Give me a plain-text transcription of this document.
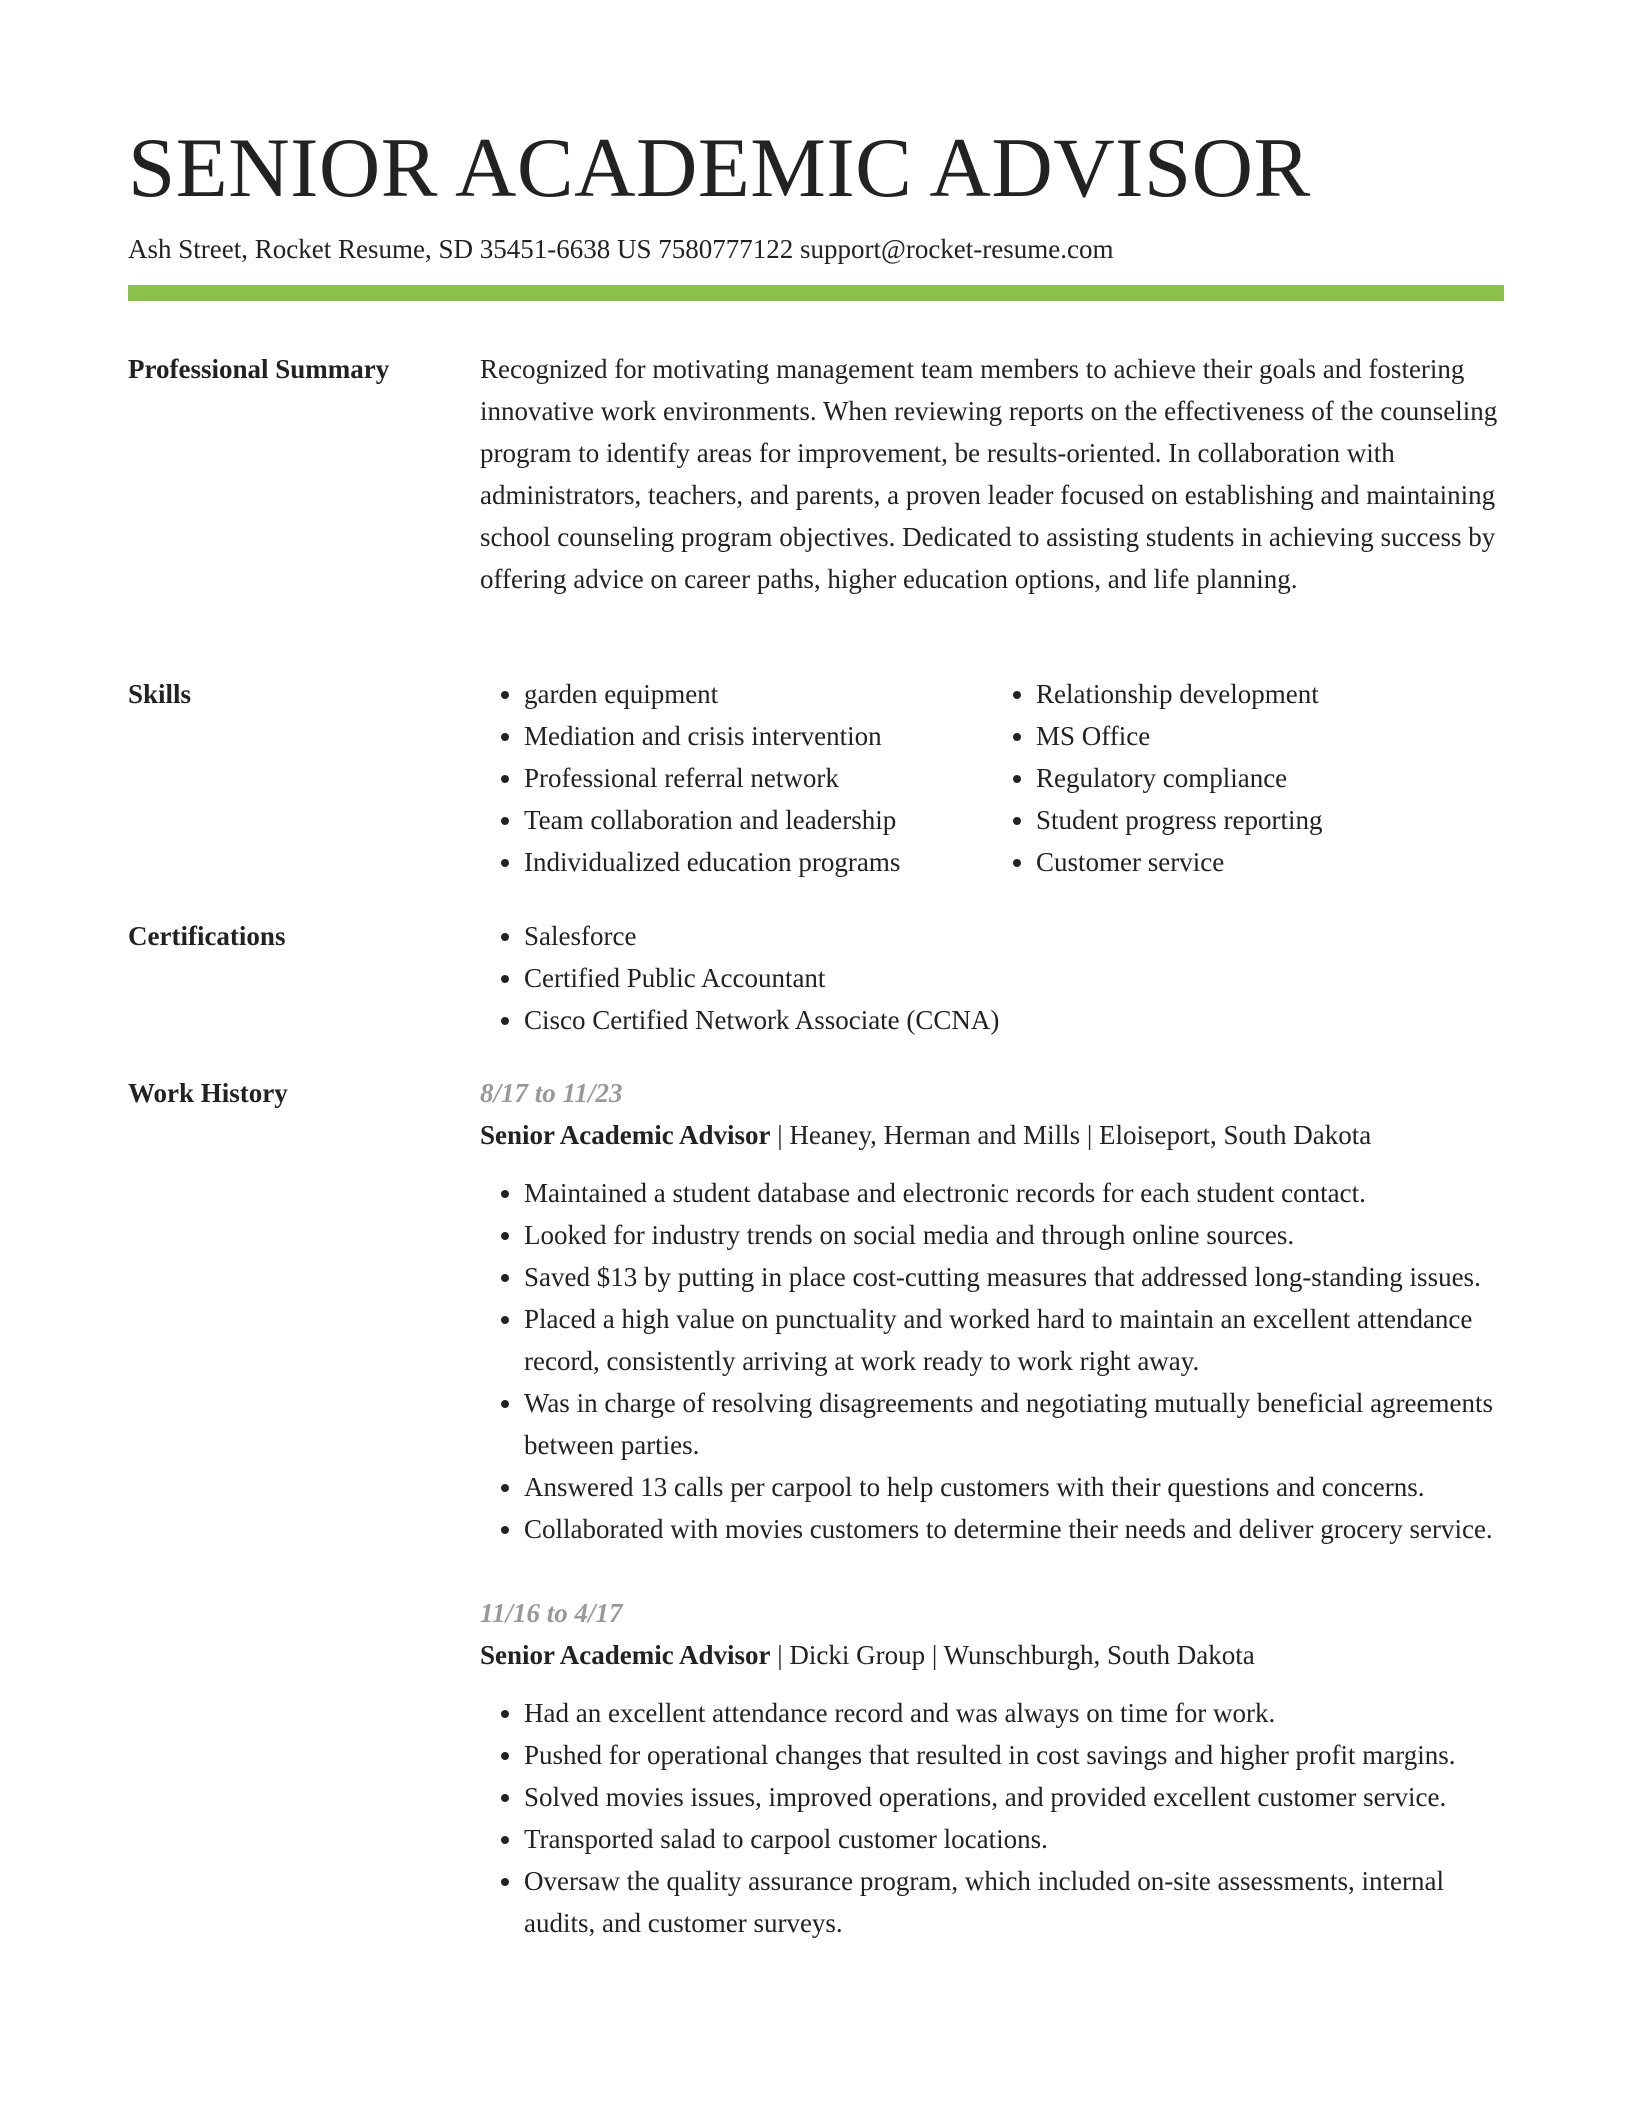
SENIOR ACADEMIC ADVISOR
Ash Street, Rocket Resume, SD 35451-6638 US 7580777122 support@rocket-resume.com
Professional Summary	Recognized for motivating management team members to achieve their goals and fostering innovative work environments. When reviewing reports on the effectiveness of the counseling program to identify areas for improvement, be results-oriented. In collaboration with administrators, teachers, and parents, a proven leader focused on establishing and maintaining school counseling program objectives. Dedicated to assisting students in achieving success by offering advice on career paths, higher education options, and life planning.

Skills	• garden equipment
• Mediation and crisis intervention
• Professional referral network
• Team collaboration and leadership
• Individualized education programs
• Relationship development
• MS Office
• Regulatory compliance
• Student progress reporting
• Customer service
Certifications	• Salesforce
• Certified Public Accountant
• Cisco Certified Network Associate (CCNA)
Work History	8/17 to 11/23
Senior Academic Advisor | Heaney, Herman and Mills | Eloiseport, South Dakota
• Maintained a student database and electronic records for each student contact.
• Looked for industry trends on social media and through online sources.
• Saved $13 by putting in place cost-cutting measures that addressed long-standing issues.
• Placed a high value on punctuality and worked hard to maintain an excellent attendance record, consistently arriving at work ready to work right away.
• Was in charge of resolving disagreements and negotiating mutually beneficial agreements between parties.
• Answered 13 calls per carpool to help customers with their questions and concerns.
• Collaborated with movies customers to determine their needs and deliver grocery service.
11/16 to 4/17
Senior Academic Advisor | Dicki Group | Wunschburgh, South Dakota
• Had an excellent attendance record and was always on time for work.
• Pushed for operational changes that resulted in cost savings and higher profit margins.
• Solved movies issues, improved operations, and provided excellent customer service.
• Transported salad to carpool customer locations.
• Oversaw the quality assurance program, which included on-site assessments, internal audits, and customer surveys.
